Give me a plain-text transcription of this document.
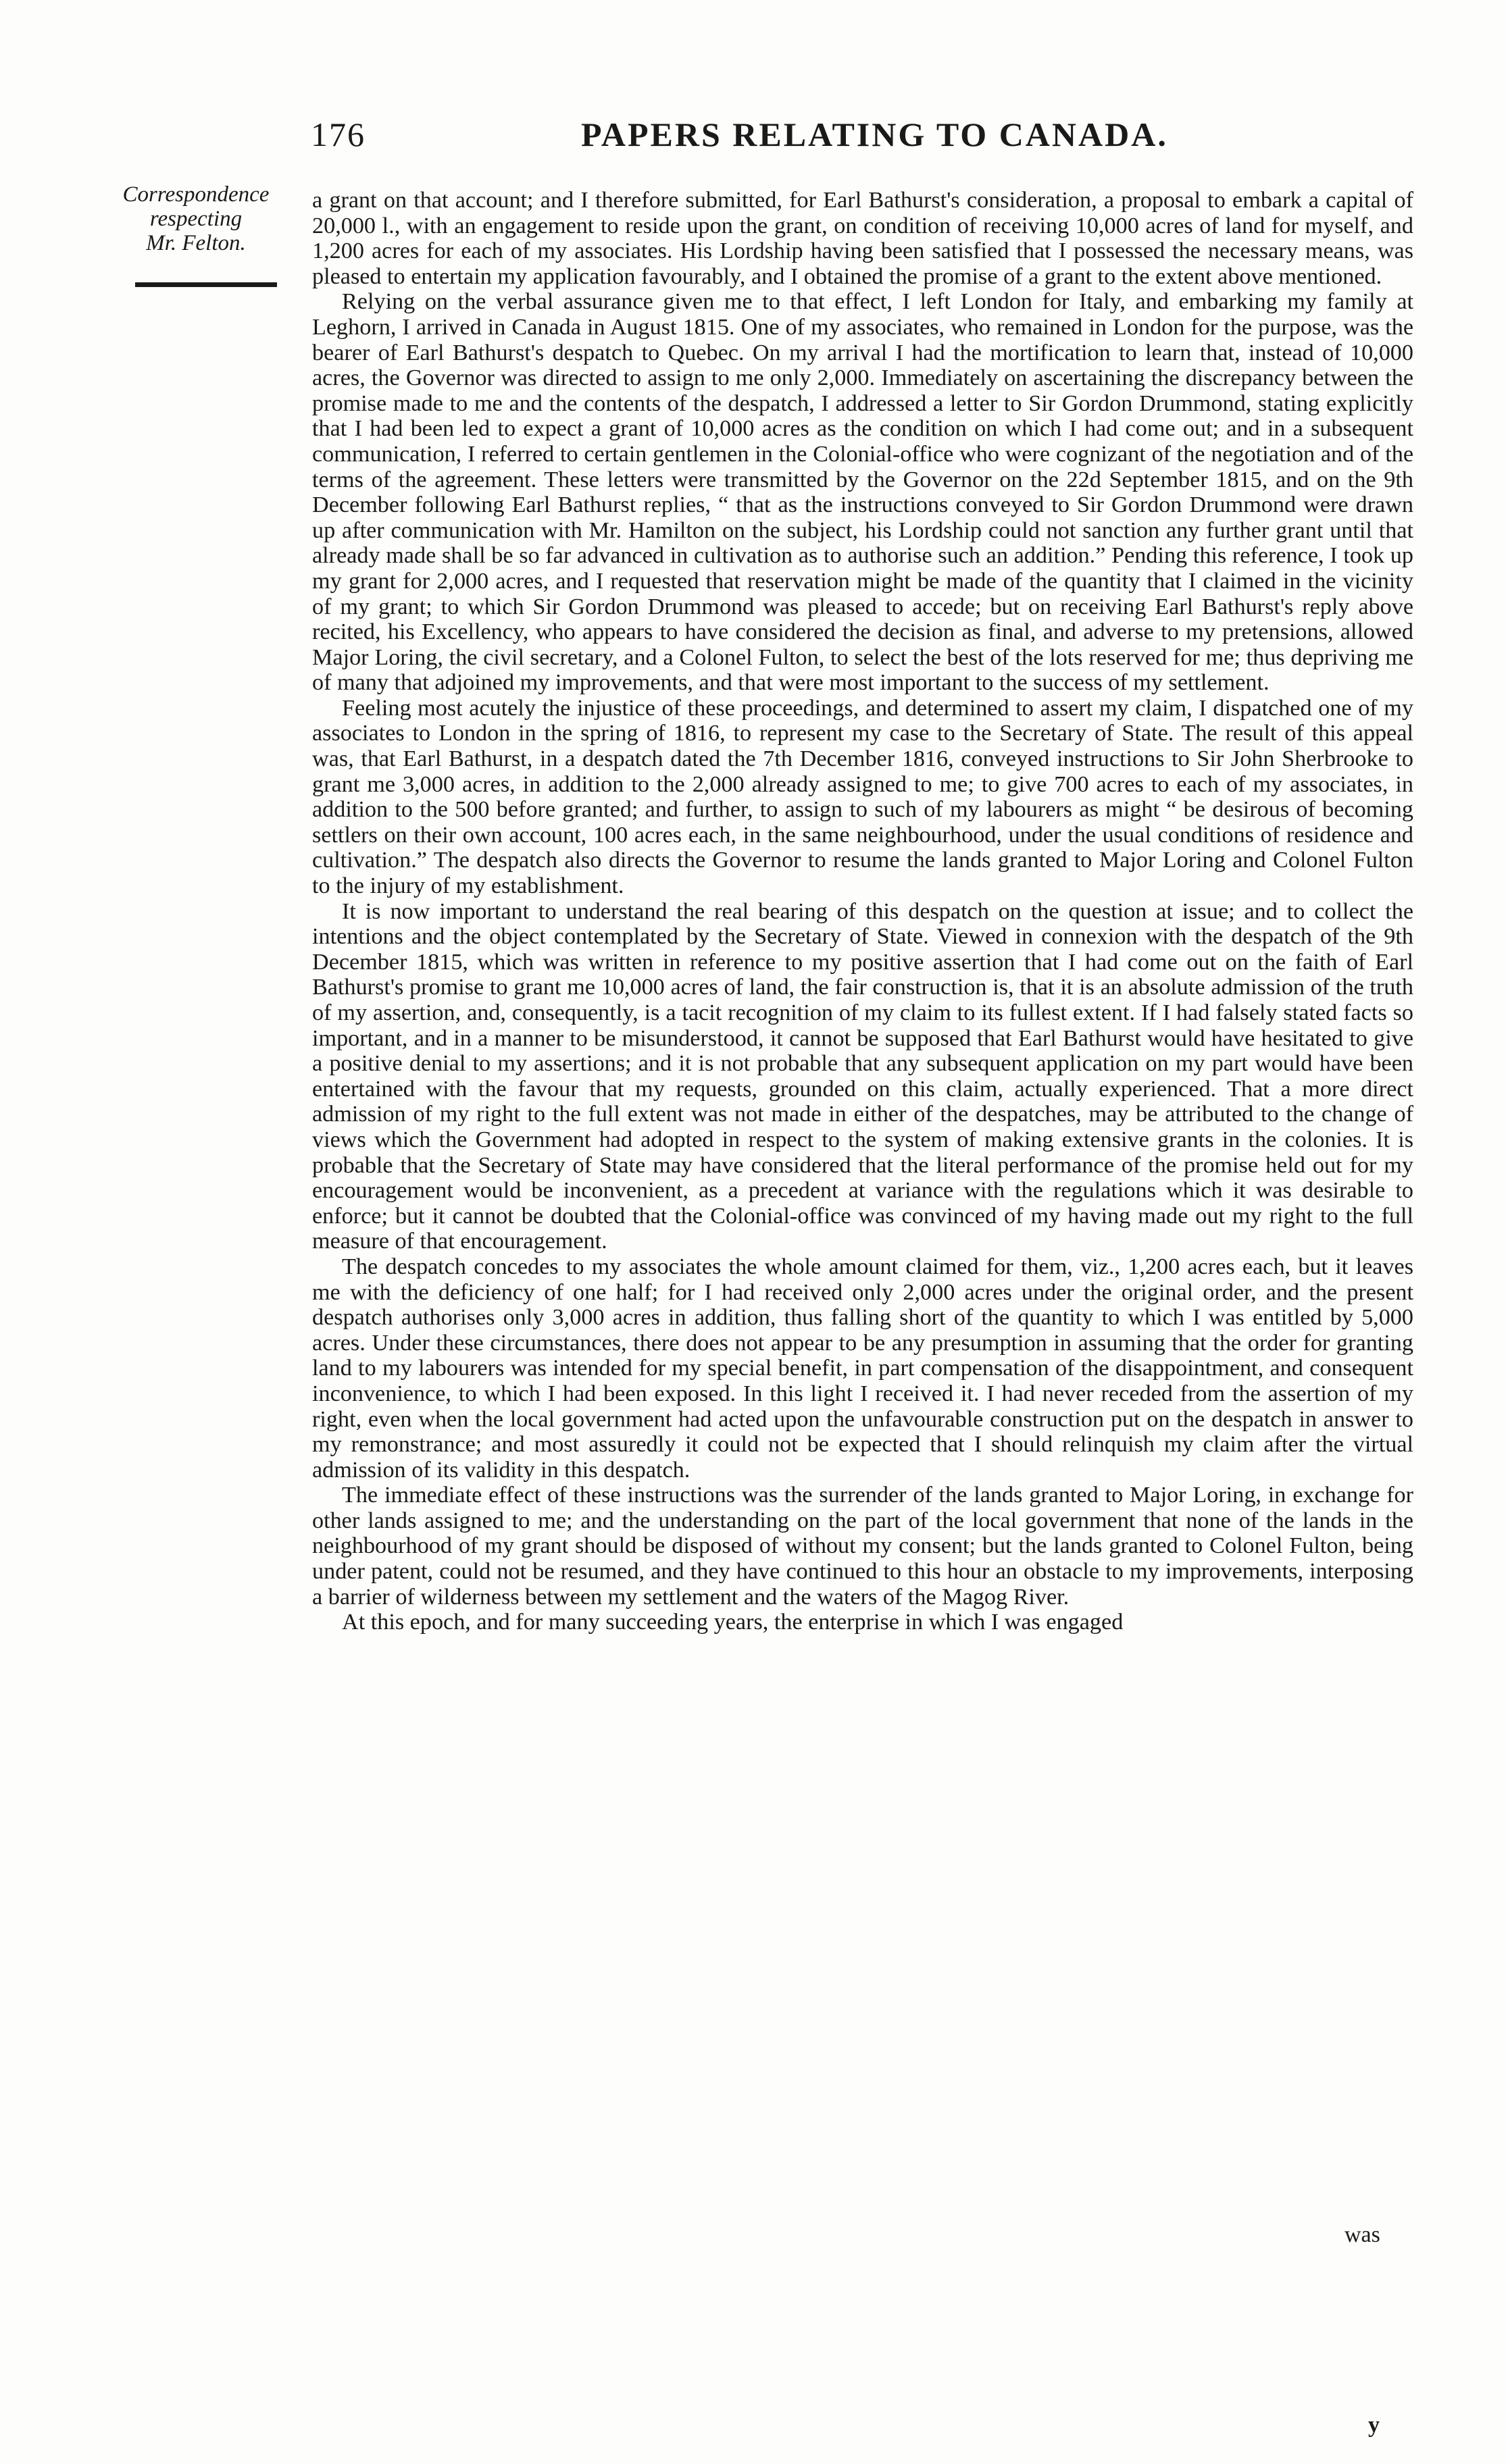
176	PAPERS RELATING TO CANADA.
Correspondence
respecting
Mr. Felton.

a grant on that account; and I therefore submitted, for Earl Bathurst's consideration, a proposal to embark a capital of 20,000 l., with an engagement to reside upon the grant, on condition of receiving 10,000 acres of land for myself, and 1,200 acres for each of my associates. His Lordship having been satisfied that I possessed the necessary means, was pleased to entertain my application favourably, and I obtained the promise of a grant to the extent above mentioned.

Relying on the verbal assurance given me to that effect, I left London for Italy, and embarking my family at Leghorn, I arrived in Canada in August 1815. One of my associates, who remained in London for the purpose, was the bearer of Earl Bathurst's despatch to Quebec. On my arrival I had the mortification to learn that, instead of 10,000 acres, the Governor was directed to assign to me only 2,000. Immediately on ascertaining the discrepancy between the promise made to me and the contents of the despatch, I addressed a letter to Sir Gordon Drummond, stating explicitly that I had been led to expect a grant of 10,000 acres as the condition on which I had come out; and in a subsequent communication, I referred to certain gentlemen in the Colonial-office who were cognizant of the negotiation and of the terms of the agreement. These letters were transmitted by the Governor on the 22d September 1815, and on the 9th December following Earl Bathurst replies, “ that as the instructions conveyed to Sir Gordon Drummond were drawn up after communication with Mr. Hamilton on the subject, his Lordship could not sanction any further grant until that already made shall be so far advanced in cultivation as to authorise such an addition.” Pending this reference, I took up my grant for 2,000 acres, and I requested that reservation might be made of the quantity that I claimed in the vicinity of my grant; to which Sir Gordon Drummond was pleased to accede; but on receiving Earl Bathurst's reply above recited, his Excellency, who appears to have considered the decision as final, and adverse to my pretensions, allowed Major Loring, the civil secretary, and a Colonel Fulton, to select the best of the lots reserved for me; thus depriving me of many that adjoined my improvements, and that were most important to the success of my settlement.

Feeling most acutely the injustice of these proceedings, and determined to assert my claim, I dispatched one of my associates to London in the spring of 1816, to represent my case to the Secretary of State. The result of this appeal was, that Earl Bathurst, in a despatch dated the 7th December 1816, conveyed instructions to Sir John Sherbrooke to grant me 3,000 acres, in addition to the 2,000 already assigned to me; to give 700 acres to each of my associates, in addition to the 500 before granted; and further, to assign to such of my labourers as might “ be desirous of becoming settlers on their own account, 100 acres each, in the same neighbourhood, under the usual conditions of residence and cultivation.” The despatch also directs the Governor to resume the lands granted to Major Loring and Colonel Fulton to the injury of my establishment.

It is now important to understand the real bearing of this despatch on the question at issue; and to collect the intentions and the object contemplated by the Secretary of State. Viewed in connexion with the despatch of the 9th December 1815, which was written in reference to my positive assertion that I had come out on the faith of Earl Bathurst's promise to grant me 10,000 acres of land, the fair construction is, that it is an absolute admission of the truth of my assertion, and, consequently, is a tacit recognition of my claim to its fullest extent. If I had falsely stated facts so important, and in a manner to be misunderstood, it cannot be supposed that Earl Bathurst would have hesitated to give a positive denial to my assertions; and it is not probable that any subsequent application on my part would have been entertained with the favour that my requests, grounded on this claim, actually experienced. That a more direct admission of my right to the full extent was not made in either of the despatches, may be attributed to the change of views which the Government had adopted in respect to the system of making extensive grants in the colonies. It is probable that the Secretary of State may have considered that the literal performance of the promise held out for my encouragement would be inconvenient, as a precedent at variance with the regulations which it was desirable to enforce; but it cannot be doubted that the Colonial-office was convinced of my having made out my right to the full measure of that encouragement.

The despatch concedes to my associates the whole amount claimed for them, viz., 1,200 acres each, but it leaves me with the deficiency of one half; for I had received only 2,000 acres under the original order, and the present despatch authorises only 3,000 acres in addition, thus falling short of the quantity to which I was entitled by 5,000 acres. Under these circumstances, there does not appear to be any presumption in assuming that the order for granting land to my labourers was intended for my special benefit, in part compensation of the disappointment, and consequent inconvenience, to which I had been exposed. In this light I received it. I had never receded from the assertion of my right, even when the local government had acted upon the unfavourable construction put on the despatch in answer to my remonstrance; and most assuredly it could not be expected that I should relinquish my claim after the virtual admission of its validity in this despatch.

The immediate effect of these instructions was the surrender of the lands granted to Major Loring, in exchange for other lands assigned to me; and the understanding on the part of the local government that none of the lands in the neighbourhood of my grant should be disposed of without my consent; but the lands granted to Colonel Fulton, being under patent, could not be resumed, and they have continued to this hour an obstacle to my improvements, interposing a barrier of wilderness between my settlement and the waters of the Magog River.

At this epoch, and for many succeeding years, the enterprise in which I was engaged

was
y
